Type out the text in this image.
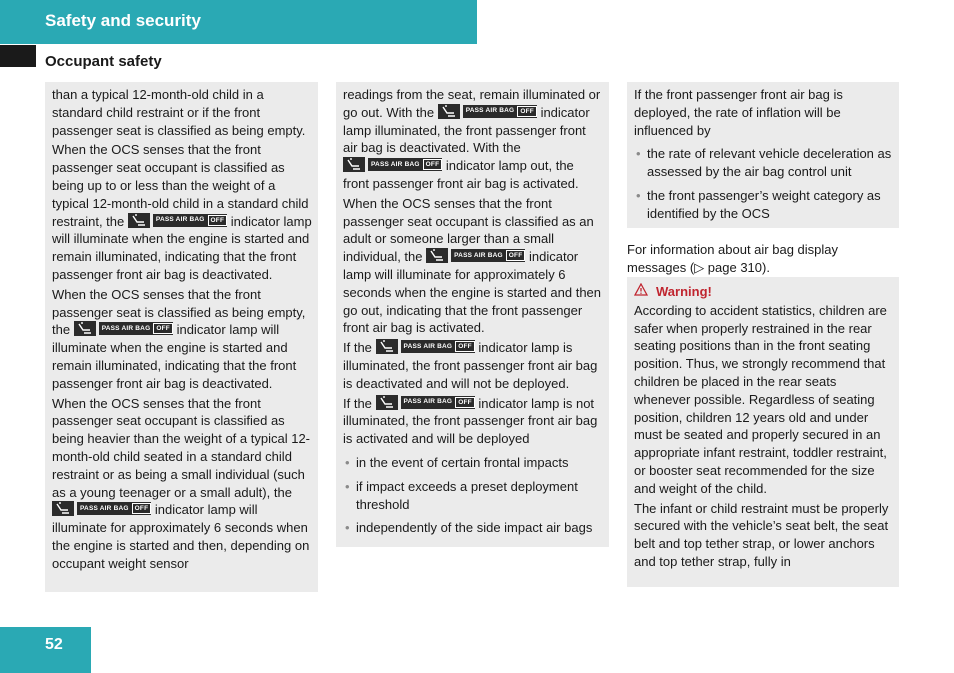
Safety and security
Occupant safety

than a typical 12-month-old child in a standard child restraint or if the front passenger seat is classified as being empty.

When the OCS senses that the front passenger seat occupant is classified as being up to or less than the weight of a typical 12-month-old child in a standard child restraint, the	PASS AIR BAG OFF indicator lamp will illuminate when the engine is started and remain illuminated, indicating that the front passenger front air bag is deactivated.

When the OCS senses that the front passenger seat is classified as being empty, the	PASS AIR BAG OFF indicator lamp will illuminate when the engine is started and remain illuminated, indicating that the front passenger front air bag is deactivated.

When the OCS senses that the front passenger seat occupant is classified as being heavier than the weight of a typical 12-month-old child seated in a standard child restraint or as being a small individual (such as a young teenager or a small adult), the
PASS AIR BAG OFF indicator lamp will illuminate for approximately 6 seconds when the engine is started and then, depending on occupant weight sensor

readings from the seat, remain illuminated or go out. With the	PASS AIR BAG OFF indicator lamp illuminated, the front passenger front air bag is deactivated. With the
PASS AIR BAG OFF indicator lamp out, the front passenger front air bag is activated.

When the OCS senses that the front passenger seat occupant is classified as an adult or someone larger than a small individual, the	PASS AIR BAG OFF indicator lamp will illuminate for approximately 6 seconds when the engine is started and then go out, indicating that the front passenger front air bag is activated.

If the	PASS AIR BAG OFF indicator lamp is illuminated, the front passenger front air bag is deactivated and will not be deployed.

If the	PASS AIR BAG OFF indicator lamp is not illuminated, the front passenger front air bag is activated and will be deployed

• in the event of certain frontal impacts
• if impact exceeds a preset deployment threshold
• independently of the side impact air bags

If the front passenger front air bag is deployed, the rate of inflation will be influenced by

• the rate of relevant vehicle deceleration as assessed by the air bag control unit
• the front passenger’s weight category as identified by the OCS

For information about air bag display messages (▷ page 310).

Warning!

According to accident statistics, children are safer when properly restrained in the rear seating positions than in the front seating position. Thus, we strongly recommend that children be placed in the rear seats whenever possible. Regardless of seating position, children 12 years old and under must be seated and properly secured in an appropriate infant restraint, toddler restraint, or booster seat recommended for the size and weight of the child.

The infant or child restraint must be properly secured with the vehicle’s seat belt, the seat belt and top tether strap, or lower anchors and top tether strap, fully in

52
